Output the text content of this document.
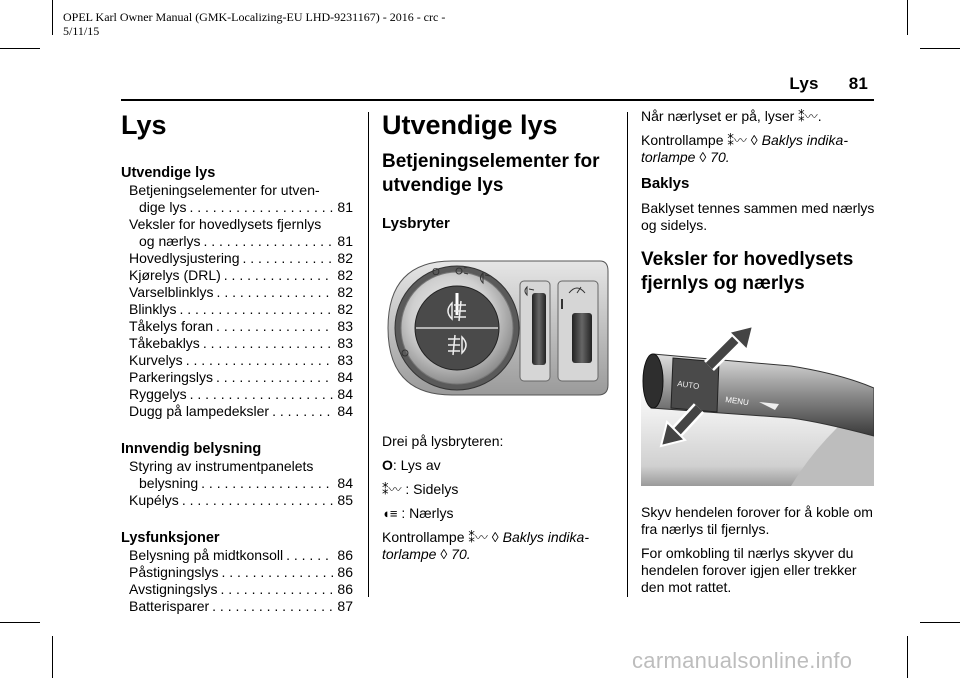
OPEL Karl Owner Manual (GMK-Localizing-EU LHD-9231167) - 2016 - crc -
5/11/15
Lys 81
Lys
Utvendige lys
Betjeningselementer for utven-
dige lys . . .	81
Veksler for hovedlysets fjernlys
og nærlys . . .	81
Hovedlysjustering . . .	82
Kjørelys (DRL) . . .	82
Varselblinklys . . .	82
Blinklys . . .	82
Tåkelys foran . . .	83
Tåkebaklys . . .	83
Kurvelys . . .	83
Parkeringslys . . .	84
Ryggelys . . .	84
Dugg på lampedeksler . . .	84
Innvendig belysning
Styring av instrumentpanelets
belysning . . .	84
Kupélys . . .	85
Lysfunksjoner
Belysning på midtkonsoll . . .	86
Påstigningslys . . .	86
Avstigningslys . . .	86
Batterisparer . . .	87
Utvendige lys
Betjeningselementer for utvendige lys
Lysbryter
O

Drei på lysbryteren:

O: Lys av

⁑〰 : Sidelys

◖≡ : Nærlys

Kontrollampe ⁑〰 ◊ Baklys indika-torlampe ◊ 70.

Når nærlyset er på, lyser ⁑〰.

Kontrollampe ⁑〰 ◊ Baklys indika-torlampe ◊ 70.

Baklys

Baklyset tennes sammen med nærlys og sidelys.

Veksler for hovedlysets fjernlys og nærlys
AUTO
MENU

Skyv hendelen forover for å koble om fra nærlys til fjernlys.

For omkobling til nærlys skyver du hendelen forover igjen eller trekker den mot rattet.

carmanualsonline.info
